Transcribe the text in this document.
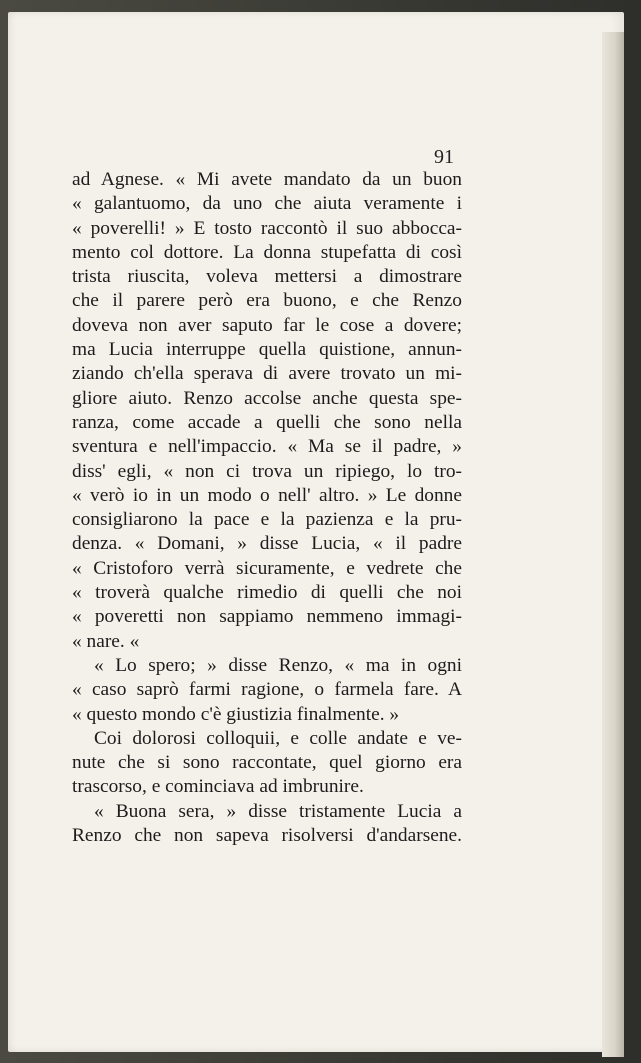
91
ad Agnese. « Mi avete mandato da un buon
« galantuomo, da uno che aiuta veramente i
« poverelli! » E tosto raccontò il suo abbocca-
mento col dottore. La donna stupefatta di così
trista riuscita, voleva mettersi a dimostrare
che il parere però era buono, e che Renzo
doveva non aver saputo far le cose a dovere;
ma Lucia interruppe quella quistione, annun-
ziando ch'ella sperava di avere trovato un mi-
gliore aiuto. Renzo accolse anche questa spe-
ranza, come accade a quelli che sono nella
sventura e nell'impaccio. « Ma se il padre, »
diss' egli, « non ci trova un ripiego, lo tro-
« verò io in un modo o nell' altro. » Le donne
consigliarono la pace e la pazienza e la pru-
denza. « Domani, » disse Lucia, « il padre
« Cristoforo verrà sicuramente, e vedrete che
« troverà qualche rimedio di quelli che noi
« poveretti non sappiamo nemmeno immagi-
« nare. «
« Lo spero; » disse Renzo, « ma in ogni
« caso saprò farmi ragione, o farmela fare. A
« questo mondo c'è giustizia finalmente. »
Coi dolorosi colloquii, e colle andate e ve-
nute che si sono raccontate, quel giorno era
trascorso, e cominciava ad imbrunire.
« Buona sera, » disse tristamente Lucia a
Renzo che non sapeva risolversi d'andarsene.
